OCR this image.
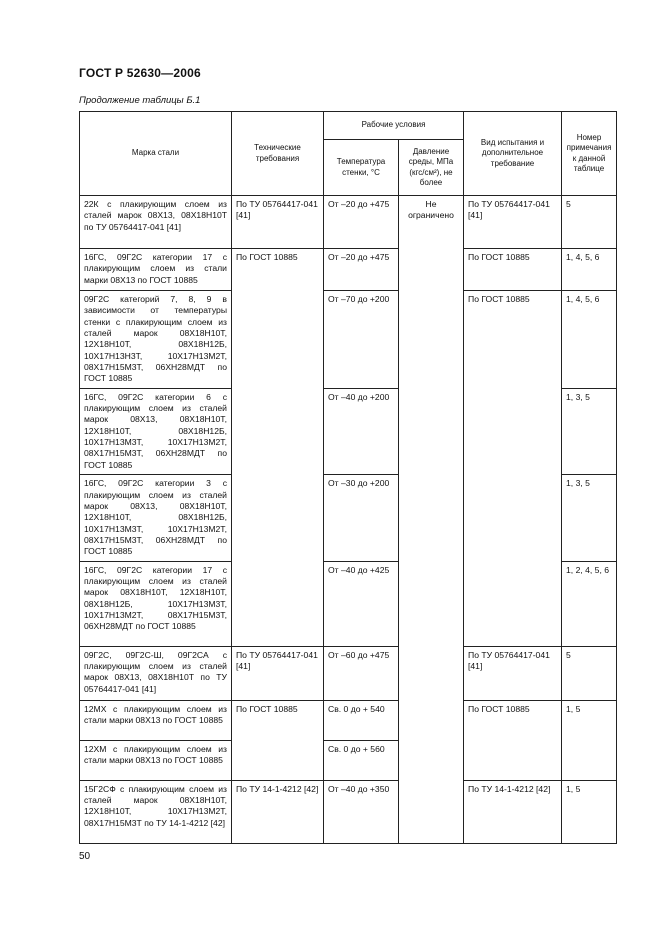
ГОСТ Р 52630—2006
Продолжение таблицы Б.1
Марка стали	Технические требования	Рабочие условия		Вид испытания и дополнительное требование	Номер примечания к данной таблице
		Температура стенки, °С	Давление среды, МПа (кгс/см²), не более		
22К с плакирующим слоем из сталей марок 08Х13, 08Х18Н10Т по ТУ 05764417-041 [41]	По ТУ 05764417-041 [41]	От –20 до +475	Не ограничено	По ТУ 05764417-041 [41]	5
16ГС, 09Г2С категории 17 с плакирующим слоем из стали марки 08Х13 по ГОСТ 10885	По ГОСТ 10885	От –20 до +475		По ГОСТ 10885	1, 4, 5, 6
09Г2С категорий 7, 8, 9 в зависимости от температуры стенки с плакирующим слоем из сталей марок 08Х18Н10Т, 12Х18Н10Т, 08Х18Н12Б, 10Х17Н13Н3Т, 10Х17Н13М2Т, 08Х17Н15М3Т, 06ХН28МДТ по ГОСТ 10885		От –70 до +200		По ГОСТ 10885	1, 4, 5, 6
16ГС, 09Г2С категории 6 с плакирующим слоем из сталей марок 08Х13, 08Х18Н10Т, 12Х18Н10Т, 08Х18Н12Б, 10Х17Н13М3Т, 10Х17Н13М2Т, 08Х17Н15М3Т, 06ХН28МДТ по ГОСТ 10885		От –40 до +200			1, 3, 5
16ГС, 09Г2С категории 3 с плакирующим слоем из сталей марок 08Х13, 08Х18Н10Т, 12Х18Н10Т, 08Х18Н12Б, 10Х17Н13М3Т, 10Х17Н13М2Т, 08Х17Н15М3Т, 06ХН28МДТ по ГОСТ 10885		От –30 до +200			1, 3, 5
16ГС, 09Г2С категории 17 с плакирующим слоем из сталей марок 08Х18Н10Т, 12Х18Н10Т, 08Х18Н12Б, 10Х17Н13М3Т, 10Х17Н13М2Т, 08Х17Н15М3Т, 06ХН28МДТ по ГОСТ 10885		От –40 до +425			1, 2, 4, 5, 6
09Г2С, 09Г2С-Ш, 09Г2СА с плакирующим слоем из сталей марок 08Х13, 08Х18Н10Т по ТУ 05764417-041 [41]	По ТУ 05764417-041 [41]	От –60 до +475		По ТУ 05764417-041 [41]	5
12МХ с плакирующим слоем из стали марки 08Х13 по ГОСТ 10885	По ГОСТ 10885	Св. 0 до + 540		По ГОСТ 10885	1, 5
12ХМ с плакирующим слоем из стали марки 08Х13 по ГОСТ 10885		Св. 0 до + 560			
15Г2СФ с плакирующим слоем из сталей марок 08Х18Н10Т, 12Х18Н10Т, 10Х17Н13М2Т, 08Х17Н15М3Т по ТУ 14-1-4212 [42]	По ТУ 14-1-4212 [42]	От –40 до +350		По ТУ 14-1-4212 [42]	1, 5
50
